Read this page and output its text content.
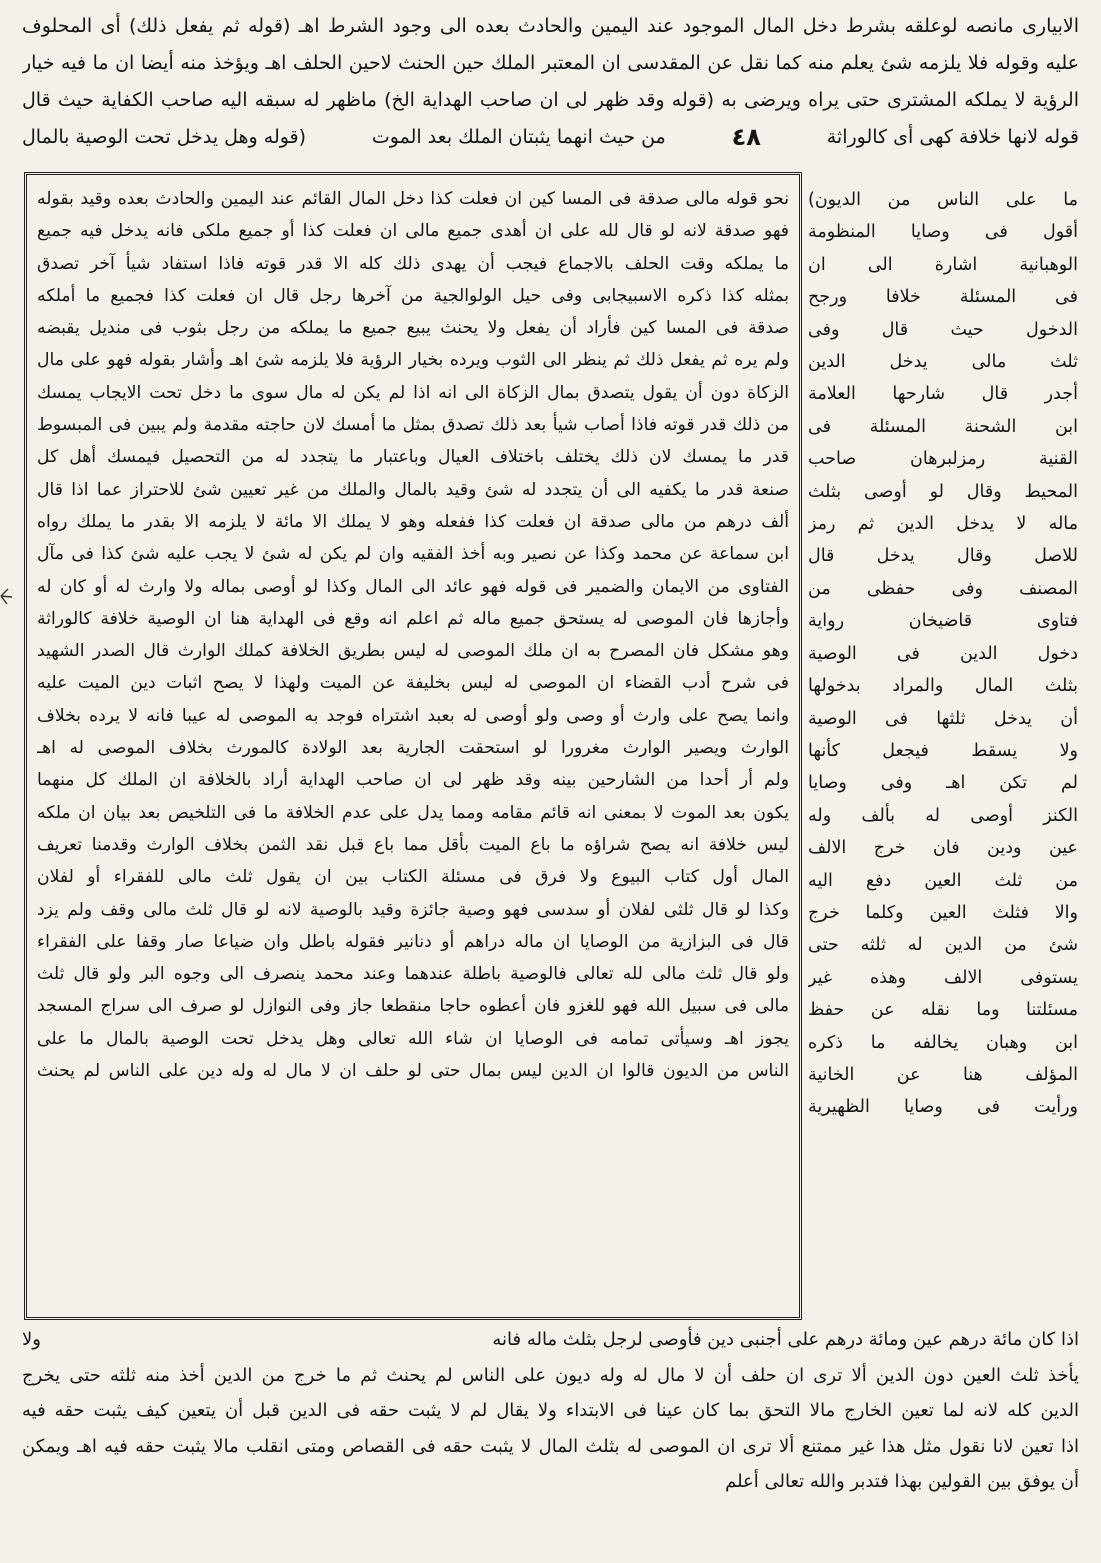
الابيارى مانصه لوعلقه بشرط دخل المال الموجود عند اليمين والحادث بعده الى وجود الشرط اهـ (قوله ثم يفعل ذلك) أى المحلوف
عليه وقوله فلا يلزمه شئ يعلم منه كما نقل عن المقدسى ان المعتبر الملك حين الحنث لاحين الحلف اهـ ويؤخذ منه أيضا ان ما فيه خيار
الرؤية لا يملكه المشترى حتى يراه ويرضى به (قوله وقد ظهر لى ان صاحب الهداية الخ) ماظهر له سبقه اليه صاحب الكفاية حيث قال
قوله لانها خلافة كهى أى كالوراثة
٤٨
من حيث انهما يثبتان الملك بعد الموت
(قوله وهل يدخل تحت الوصية بالمال
نحو قوله مالى صدقة فى المسا كين ان فعلت كذا دخل المال القائم عند اليمين والحادث بعده وقيد بقوله
فهو صدقة لانه لو قال لله على ان أهدى جميع مالى ان فعلت كذا أو جميع ملكى فانه يدخل فيه جميع
ما يملكه وقت الحلف بالاجماع فيجب أن يهدى ذلك كله الا قدر قوته فاذا استفاد شيأ آخر تصدق
بمثله كذا ذكره الاسبيجابى وفى حيل الولوالجية من آخرها رجل قال ان فعلت كذا فجميع ما أملكه
صدقة فى المسا كين فأراد أن يفعل ولا يحنث يبيع جميع ما يملكه من رجل بثوب فى منديل يقبضه
ولم يره ثم يفعل ذلك ثم ينظر الى الثوب ويرده بخيار الرؤية فلا يلزمه شئ اهـ وأشار بقوله فهو على مال
الزكاة دون أن يقول يتصدق بمال الزكاة الى انه اذا لم يكن له مال سوى ما دخل تحت الايجاب يمسك
من ذلك قدر قوته فاذا أصاب شيأ بعد ذلك تصدق بمثل ما أمسك لان حاجته مقدمة ولم يبين فى المبسوط
قدر ما يمسك لان ذلك يختلف باختلاف العيال وباعتبار ما يتجدد له من التحصيل فيمسك أهل كل
صنعة قدر ما يكفيه الى أن يتجدد له شئ وقيد بالمال والملك من غير تعيين شئ للاحتراز عما اذا قال
ألف درهم من مالى صدقة ان فعلت كذا ففعله وهو لا يملك الا مائة لا يلزمه الا بقدر ما يملك رواه
ابن سماعة عن محمد وكذا عن نصير وبه أخذ الفقيه وان لم يكن له شئ لا يجب عليه شئ كذا فى مآل
الفتاوى من الايمان والضمير فى قوله فهو عائد الى المال وكذا لو أوصى بماله ولا وارث له أو كان له
وأجازها فان الموصى له يستحق جميع ماله ثم اعلم انه وقع فى الهداية هنا ان الوصية خلافة كالوراثة
وهو مشكل فان المصرح به ان ملك الموصى له ليس بطريق الخلافة كملك الوارث قال الصدر الشهيد
فى شرح أدب القضاء ان الموصى له ليس بخليفة عن الميت ولهذا لا يصح اثبات دين الميت عليه
وانما يصح على وارث أو وصى ولو أوصى له بعبد اشتراه فوجد به الموصى له عيبا فانه لا يرده بخلاف
الوارث ويصير الوارث مغرورا لو استحقت الجارية بعد الولادة كالمورث بخلاف الموصى له اهـ
ولم أر أحدا من الشارحين بينه وقد ظهر لى ان صاحب الهداية أراد بالخلافة ان الملك كل منهما
يكون بعد الموت لا بمعنى انه قائم مقامه ومما يدل على عدم الخلافة ما فى التلخيص بعد بيان ان ملكه
ليس خلافة انه يصح شراؤه ما باع الميت بأقل مما باع قبل نقد الثمن بخلاف الوارث وقدمنا تعريف
المال أول كتاب البيوع ولا فرق فى مسئلة الكتاب بين ان يقول ثلث مالى للفقراء أو لفلان
وكذا لو قال ثلثى لفلان أو سدسى فهو وصية جائزة وقيد بالوصية لانه لو قال ثلث مالى وقف ولم يزد
قال فى البزازية من الوصايا ان ماله دراهم أو دنانير فقوله باطل وان ضياعا صار وقفا على الفقراء
ولو قال ثلث مالى لله تعالى فالوصية باطلة عندهما وعند محمد ينصرف الى وجوه البر ولو قال ثلث
مالى فى سبيل الله فهو للغزو فان أعطوه حاجا منقطعا جاز وفى النوازل لو صرف الى سراج المسجد
يجوز اهـ وسيأتى تمامه فى الوصايا ان شاء الله تعالى وهل يدخل تحت الوصية بالمال ما على
الناس من الديون قالوا ان الدين ليس بمال حتى لو حلف ان لا مال له وله دين على الناس لم يحنث
ما على الناس من الديون)
أقول فى وصايا المنظومة
الوهبانية اشارة الى ان
فى المسئلة خلافا ورجح
الدخول حيث قال وفى
ثلث مالى يدخل الدين
أجدر قال شارحها العلامة
ابن الشحنة المسئلة فى
القنية رمزلبرهان صاحب
المحيط وقال لو أوصى بثلث
ماله لا يدخل الدين ثم رمز
للاصل وقال يدخل قال
المصنف وفى حفظى من
فتاوى قاضيخان رواية
دخول الدين فى الوصية
بثلث المال والمراد بدخولها
أن يدخل ثلثها فى الوصية
ولا يسقط فيجعل كأنها
لم تكن اهـ وفى وصايا
الكنز أوصى له بألف وله
عين ودين فان خرج الالف
من ثلث العين دفع اليه
والا فثلث العين وكلما خرج
شئ من الدين له ثلثه حتى
يستوفى الالف وهذه غير
مسئلتنا وما نقله عن حفظ
ابن وهبان يخالفه ما ذكره
المؤلف هنا عن الخانية
ورأيت فى وصايا الظهيرية
اذا كان مائة درهم عين ومائة درهم على أجنبى دين فأوصى لرجل بثلث ماله فانه
ولا
يأخذ ثلث العين دون الدين ألا ترى ان حلف أن لا مال له وله ديون على الناس لم يحنث ثم ما خرج من الدين أخذ منه ثلثه حتى يخرج
الدين كله لانه لما تعين الخارج مالا التحق بما كان عينا فى الابتداء ولا يقال لم لا يثبت حقه فى الدين قبل أن يتعين كيف يثبت حقه فيه
اذا تعين لانا نقول مثل هذا غير ممتنع ألا ترى ان الموصى له بثلث المال لا يثبت حقه فى القصاص ومتى انقلب مالا يثبت حقه فيه اهـ ويمكن
أن يوفق بين القولين بهذا فتدبر والله تعالى أعلم
